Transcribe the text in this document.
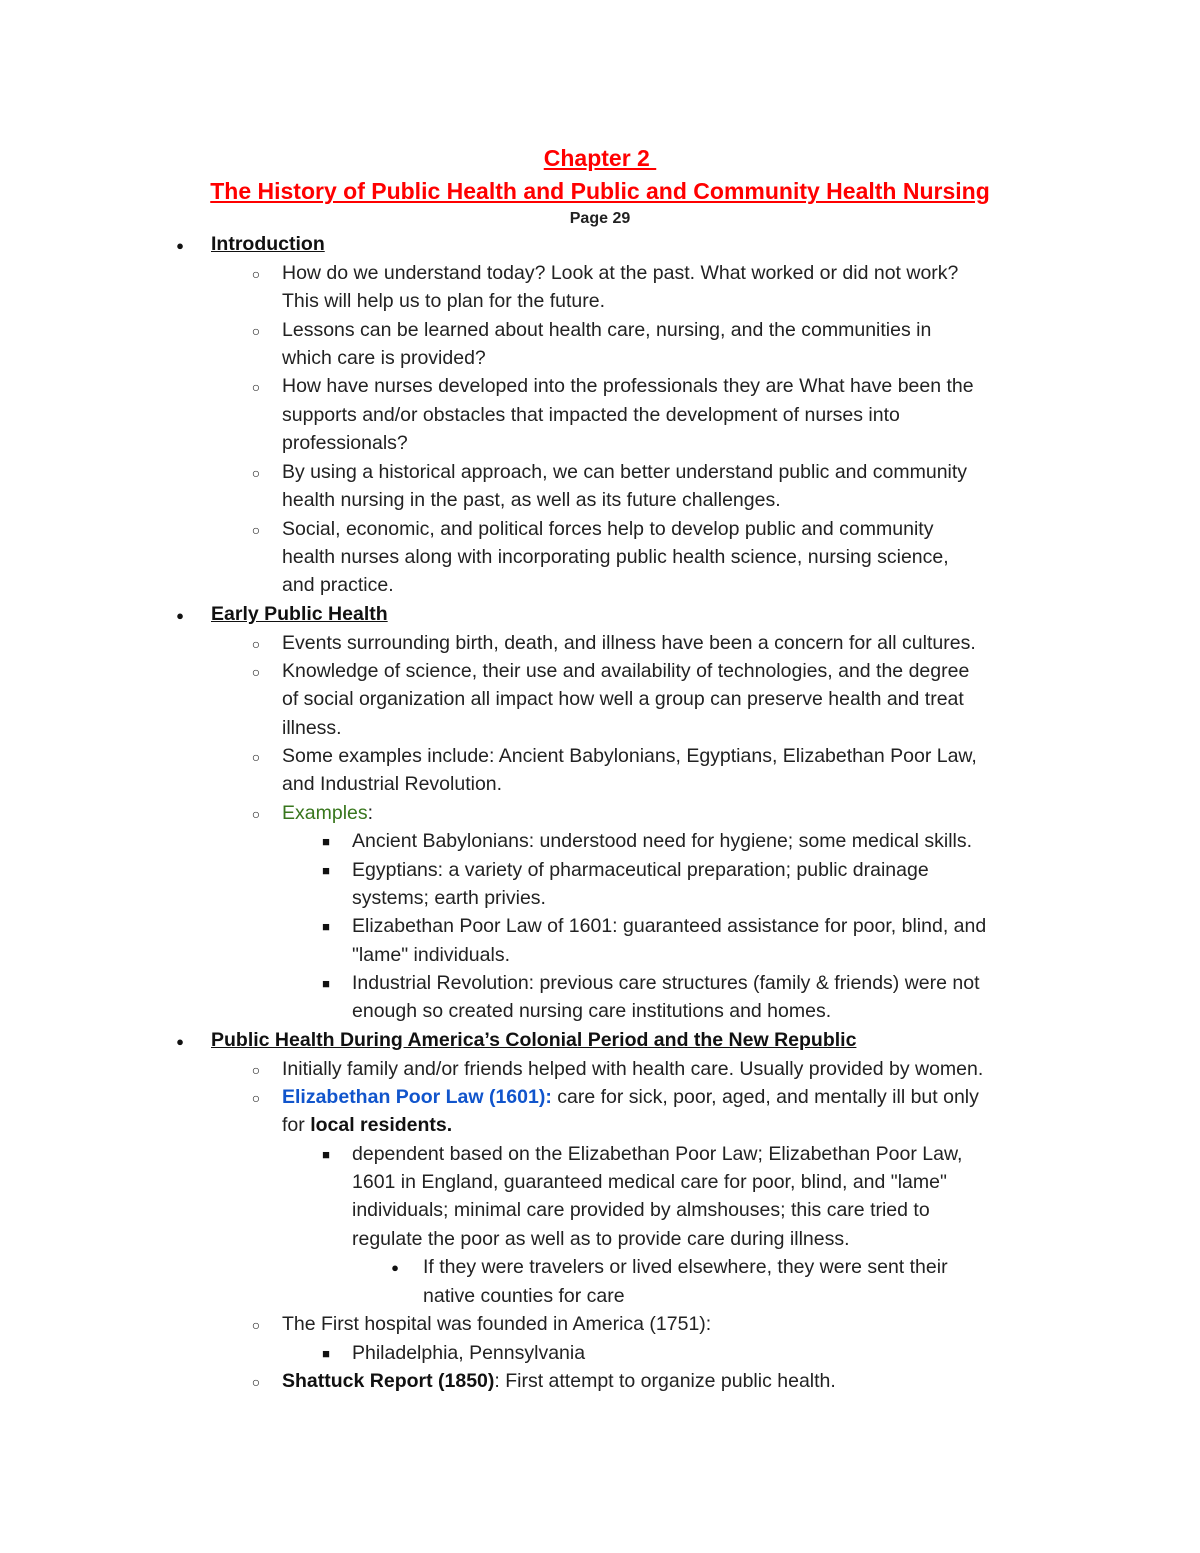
Chapter 2
The History of Public Health and Public and Community Health Nursing
Page 29
●	Introduction
○ How do we understand today? Look at the past. What worked or did not work?
This will help us to plan for the future.
○ Lessons can be learned about health care, nursing, and the communities in
which care is provided?
○ How have nurses developed into the professionals they are What have been the
supports and/or obstacles that impacted the development of nurses into
professionals?
○ By using a historical approach, we can better understand public and community
health nursing in the past, as well as its future challenges.
○ Social, economic, and political forces help to develop public and community
health nurses along with incorporating public health science, nursing science,
and practice.
●	Early Public Health
○ Events surrounding birth, death, and illness have been a concern for all cultures.
○ Knowledge of science, their use and availability of technologies, and the degree
of social organization all impact how well a group can preserve health and treat
illness.
○ Some examples include: Ancient Babylonians, Egyptians, Elizabethan Poor Law,
and Industrial Revolution.
○ Examples:
■	Ancient Babylonians: understood need for hygiene; some medical skills.
■	Egyptians: a variety of pharmaceutical preparation; public drainage
systems; earth privies.
■	Elizabethan Poor Law of 1601: guaranteed assistance for poor, blind, and
"lame" individuals.
■	Industrial Revolution: previous care structures (family & friends) were not
enough so created nursing care institutions and homes.
●	Public Health During America’s Colonial Period and the New Republic
○ Initially family and/or friends helped with health care. Usually provided by women.
○ Elizabethan Poor Law (1601): care for sick, poor, aged, and mentally ill but only
for local residents.
■	dependent based on the Elizabethan Poor Law; Elizabethan Poor Law,
1601 in England, guaranteed medical care for poor, blind, and "lame"
individuals; minimal care provided by almshouses; this care tried to
regulate the poor as well as to provide care during illness.
●	If they were travelers or lived elsewhere, they were sent their
native counties for care
○ The First hospital was founded in America (1751):
■	Philadelphia, Pennsylvania
○ Shattuck Report (1850): First attempt to organize public health.
